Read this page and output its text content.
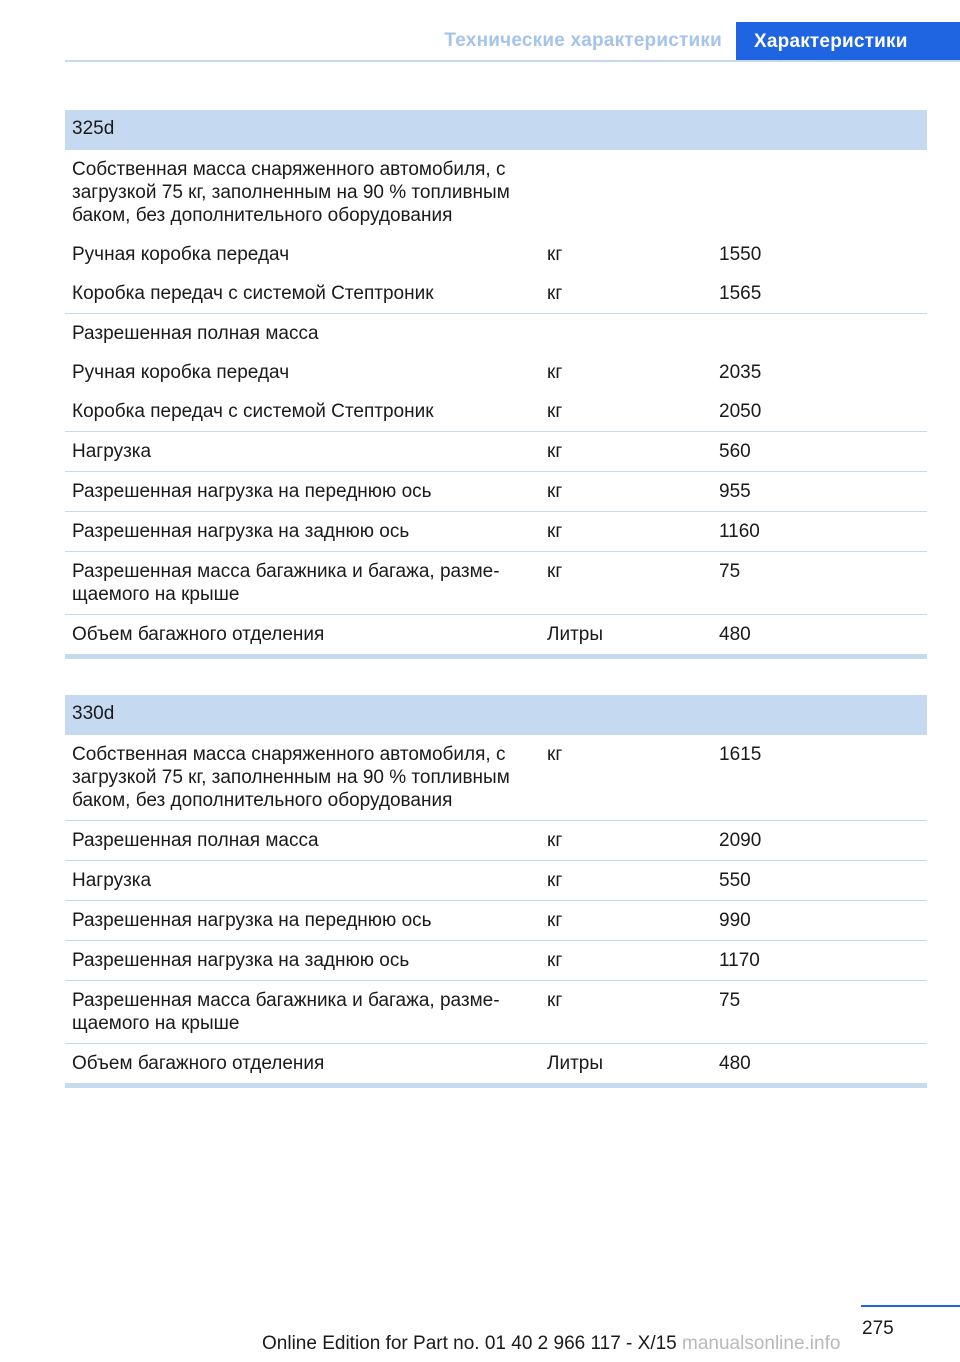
Технические характеристики	Характеристики
325d		
Собственная масса снаряженного автомобиля, с загрузкой 75 кг, заполненным на 90 % топливным баком, без дополнительного оборудования		
Ручная коробка передач	кг	1550
Коробка передач с системой Стептроник	кг	1565
Разрешенная полная масса		
Ручная коробка передач	кг	2035
Коробка передач с системой Стептроник	кг	2050
Нагрузка	кг	560
Разрешенная нагрузка на переднюю ось	кг	955
Разрешенная нагрузка на заднюю ось	кг	1160
Разрешенная масса багажника и багажа, разме-щаемого на крыше	кг	75
Объем багажного отделения	Литры	480
330d		
Собственная масса снаряженного автомобиля, с загрузкой 75 кг, заполненным на 90 % топливным баком, без дополнительного оборудования	кг	1615
Разрешенная полная масса	кг	2090
Нагрузка	кг	550
Разрешенная нагрузка на переднюю ось	кг	990
Разрешенная нагрузка на заднюю ось	кг	1170
Разрешенная масса багажника и багажа, разме-щаемого на крыше	кг	75
Объем багажного отделения	Литры	480
275
Online Edition for Part no. 01 40 2 966 117 - X/15 manualsonline.info
